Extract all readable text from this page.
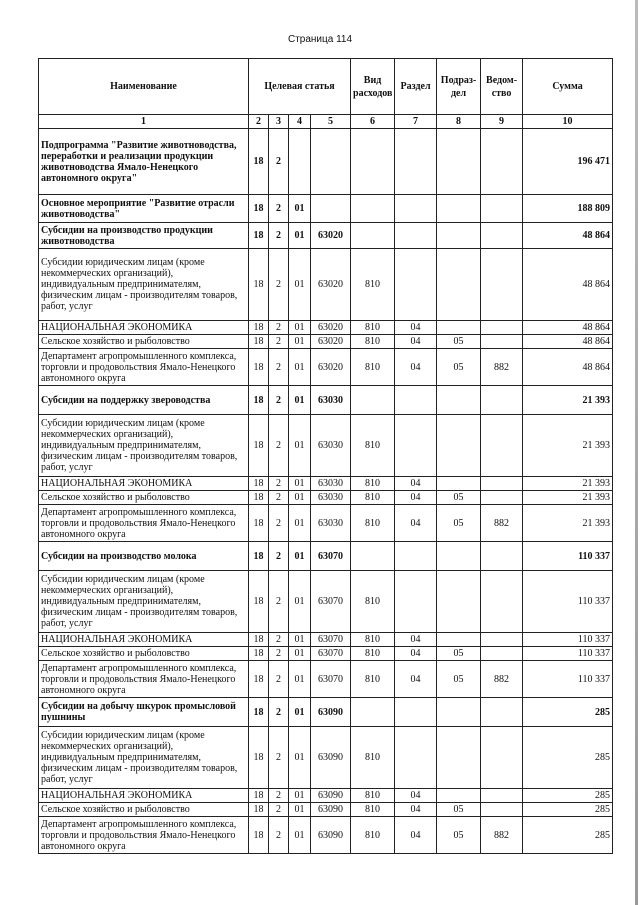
Страница 114
Наименование	Целевая статья				Вид расходов	Раздел	Подраз-дел	Ведом-ство	Сумма
1	2	3	4	5	6	7	8	9	10
Подпрограмма "Развитие животноводства, переработки и реализации продукции животноводства Ямало-Ненецкого автономного округа"	18	2							196 471
Основное мероприятие "Развитие отрасли животноводства"	18	2	01						188 809
Субсидии на производство продукции животноводства	18	2	01	63020					48 864
Субсидии юридическим лицам (кроме некоммерческих организаций), индивидуальным предпринимателям, физическим лицам - производителям товаров, работ, услуг	18	2	01	63020	810				48 864
НАЦИОНАЛЬНАЯ ЭКОНОМИКА	18	2	01	63020	810	04			48 864
Сельское хозяйство и рыболовство	18	2	01	63020	810	04	05		48 864
Департамент агропромышленного комплекса, торговли и продовольствия Ямало-Ненецкого автономного округа	18	2	01	63020	810	04	05	882	48 864
Субсидии на поддержку звероводства	18	2	01	63030					21 393
Субсидии юридическим лицам (кроме некоммерческих организаций), индивидуальным предпринимателям, физическим лицам - производителям товаров, работ, услуг	18	2	01	63030	810				21 393
НАЦИОНАЛЬНАЯ ЭКОНОМИКА	18	2	01	63030	810	04			21 393
Сельское хозяйство и рыболовство	18	2	01	63030	810	04	05		21 393
Департамент агропромышленного комплекса, торговли и продовольствия Ямало-Ненецкого автономного округа	18	2	01	63030	810	04	05	882	21 393
Субсидии на производство молока	18	2	01	63070					110 337
Субсидии юридическим лицам (кроме некоммерческих организаций), индивидуальным предпринимателям, физическим лицам - производителям товаров, работ, услуг	18	2	01	63070	810				110 337
НАЦИОНАЛЬНАЯ ЭКОНОМИКА	18	2	01	63070	810	04			110 337
Сельское хозяйство и рыболовство	18	2	01	63070	810	04	05		110 337
Департамент агропромышленного комплекса, торговли и продовольствия Ямало-Ненецкого автономного округа	18	2	01	63070	810	04	05	882	110 337
Субсидии на добычу шкурок промысловой пушнины	18	2	01	63090					285
Субсидии юридическим лицам (кроме некоммерческих организаций), индивидуальным предпринимателям, физическим лицам - производителям товаров, работ, услуг	18	2	01	63090	810				285
НАЦИОНАЛЬНАЯ ЭКОНОМИКА	18	2	01	63090	810	04			285
Сельское хозяйство и рыболовство	18	2	01	63090	810	04	05		285
Департамент агропромышленного комплекса, торговли и продовольствия Ямало-Ненецкого автономного округа	18	2	01	63090	810	04	05	882	285
